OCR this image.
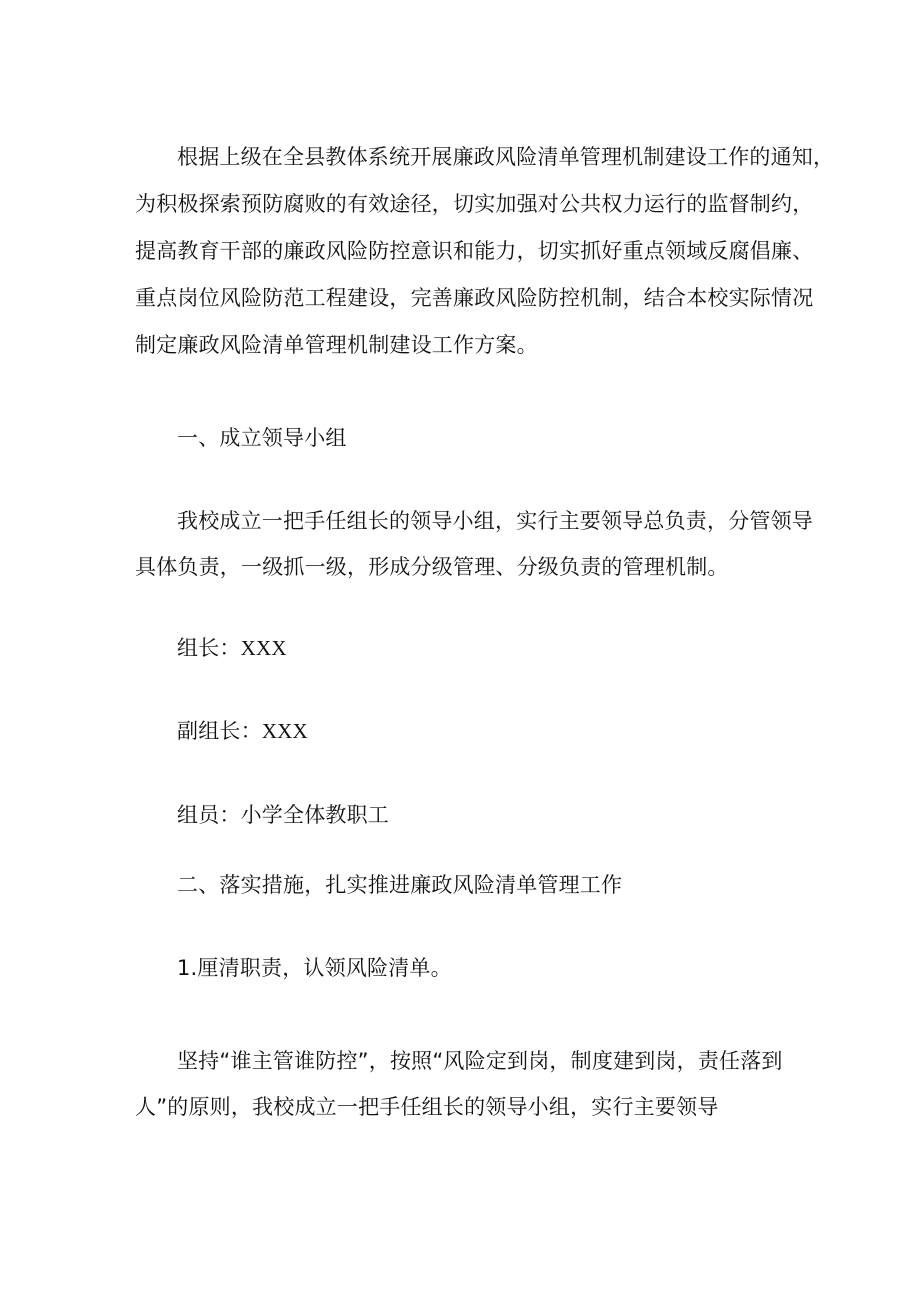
根据上级在全县教体系统开展廉政风险清单管理机制建设工作的通知，
为积极探索预防腐败的有效途径，切实加强对公共权力运行的监督制约，
提高教育干部的廉政风险防控意识和能力，切实抓好重点领域反腐倡廉、
重点岗位风险防范工程建设，完善廉政风险防控机制，结合本校实际情况
制定廉政风险清单管理机制建设工作方案。
一、成立领导小组
我校成立一把手任组长的领导小组，实行主要领导总负责，分管领导
具体负责，一级抓一级，形成分级管理、分级负责的管理机制。
组长：XXX
副组长：XXX
组员：小学全体教职工
二、落实措施，扎实推进廉政风险清单管理工作
1.厘清职责，认领风险清单。
坚持“谁主管谁防控”，按照“风险定到岗，制度建到岗，责任落到
人”的原则，我校成立一把手任组长的领导小组，实行主要领导
